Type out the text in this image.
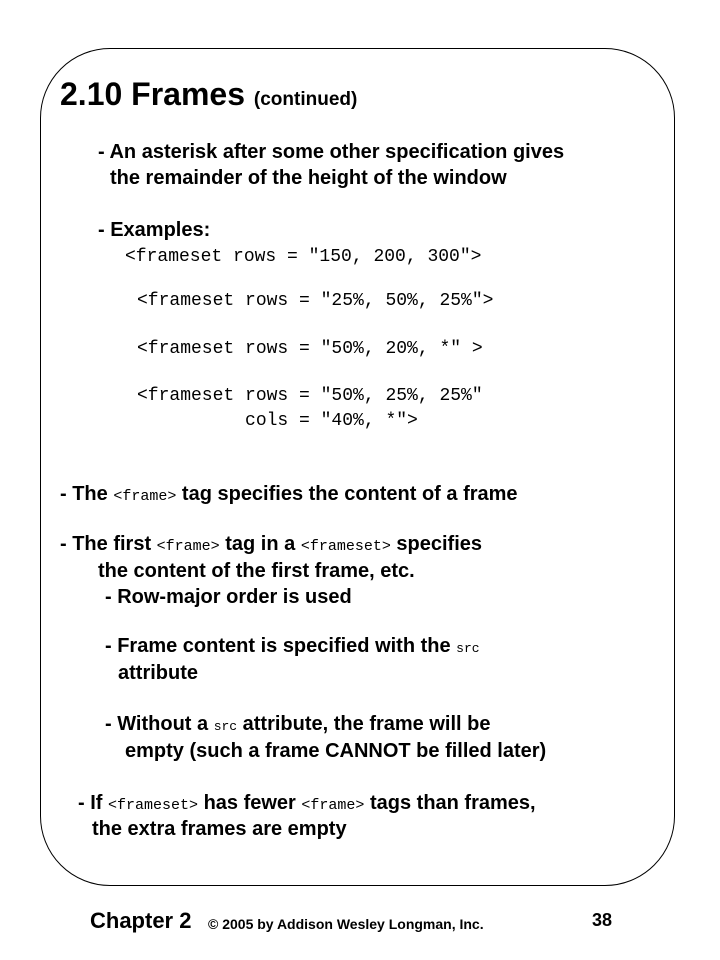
2.10 Frames (continued)
- An asterisk after some other specification gives
the remainder of the height of the window
- Examples:
<frameset rows = "150, 200, 300">
<frameset rows = "25%, 50%, 25%">
<frameset rows = "50%, 20%, *" >
<frameset rows = "50%, 25%, 25%"
cols = "40%, *">
- The <frame> tag specifies the content of a frame
- The first <frame> tag in a <frameset> specifies
the content of the first frame, etc.
- Row-major order is used
- Frame content is specified with the src
attribute
- Without a src attribute, the frame will be
empty (such a frame CANNOT be filled later)
- If <frameset> has fewer <frame> tags than frames,
the extra frames are empty
Chapter 2 © 2005 by Addison Wesley Longman, Inc.	38
